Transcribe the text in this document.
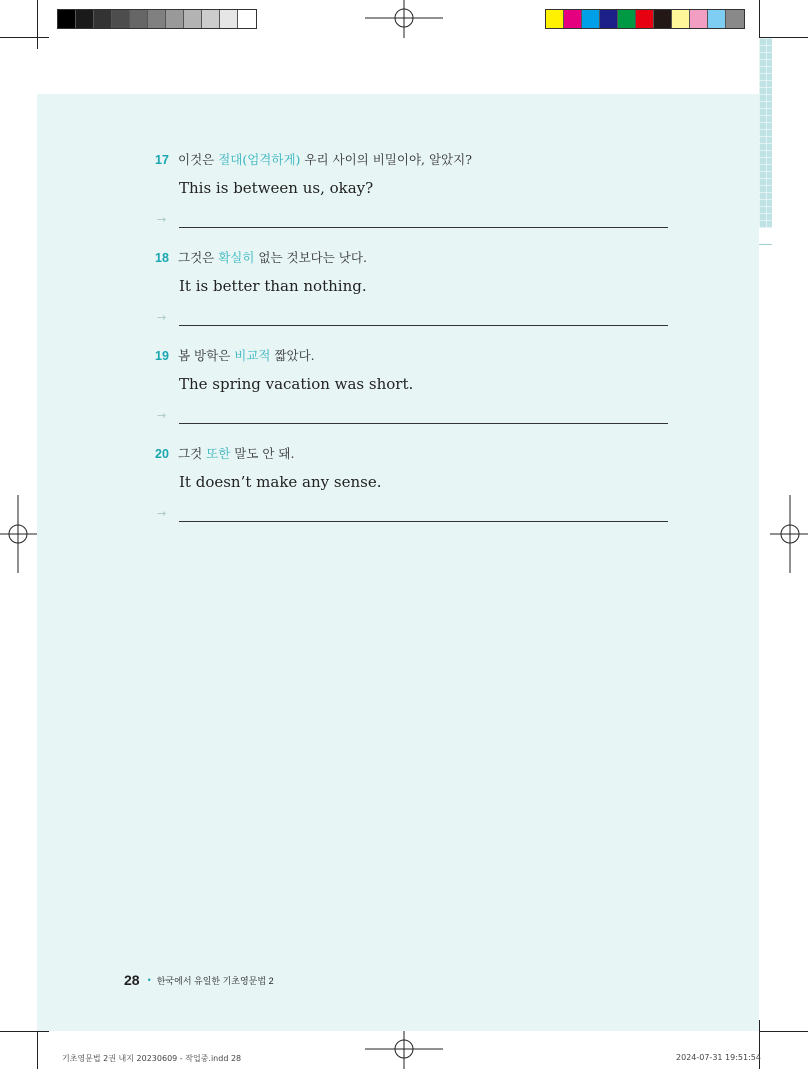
17 이것은 절대(엄격하게) 우리 사이의 비밀이야, 알았지?
This is between us, okay?
→
18 그것은 확실히 없는 것보다는 낫다.
It is better than nothing.
→
19 봄 방학은 비교적 짧았다.
The spring vacation was short.
→
20 그것 또한 말도 안 돼.
It doesn’t make any sense.
→
28 • 한국에서 유일한 기초영문법 2
기초영문법 2권 내지 20230609 - 작업중.indd 28	2024-07-31 19:51:54
